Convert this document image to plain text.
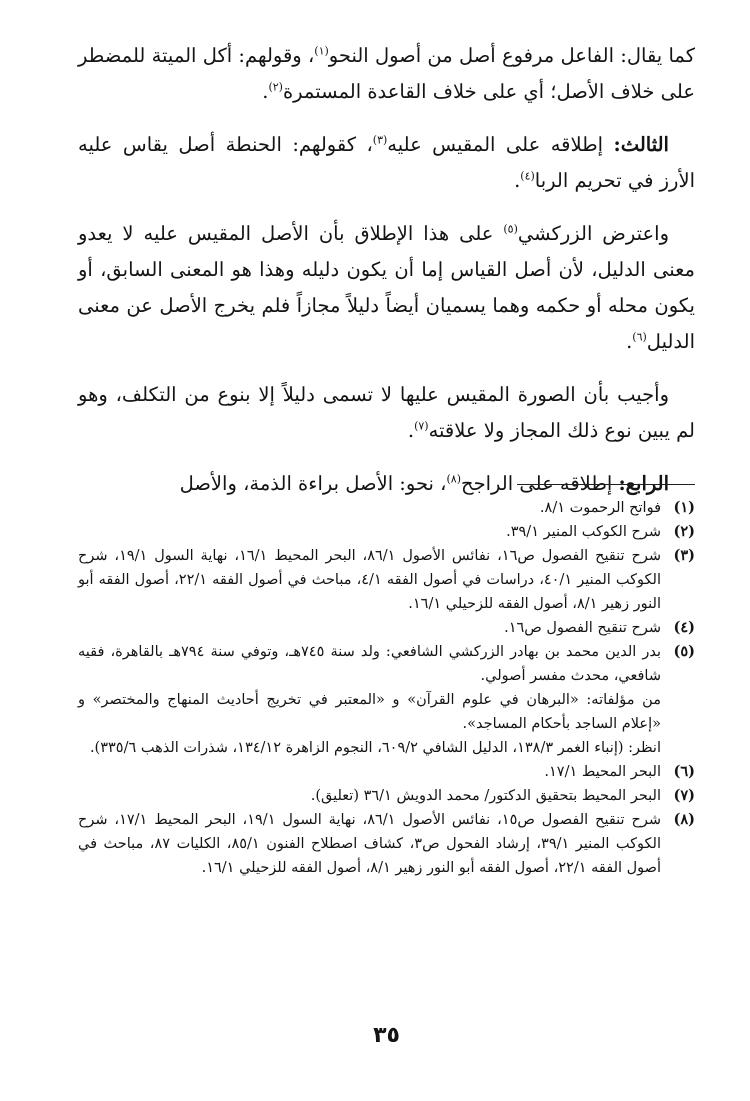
كما يقال: الفاعل مرفوع أصل من أصول النحو$^{(١)}$، وقولهم: أكل الميتة للمضطر على خلاف الأصل؛ أي على خلاف القاعدة المستمرة$^{(٢)}$.

الثالث: إطلاقه على المقيس عليه$^{(٣)}$، كقولهم: الحنطة أصل يقاس عليه الأرز في تحريم الربا$^{(٤)}$.

واعترض الزركشي$^{(٥)}$ على هذا الإطلاق بأن الأصل المقيس عليه لا يعدو معنى الدليل، لأن أصل القياس إما أن يكون دليله وهذا هو المعنى السابق، أو يكون محله أو حكمه وهما يسميان أيضاً دليلاً مجازاً فلم يخرج الأصل عن معنى الدليل$^{(٦)}$.

وأجيب بأن الصورة المقيس عليها لا تسمى دليلاً إلا بنوع من التكلف، وهو لم يبين نوع ذلك المجاز ولا علاقته$^{(٧)}$.

الرابع: إطلاقه على الراجح$^{(٨)}$، نحو: الأصل براءة الذمة، والأصل

(١)
فواتح الرحموت ٨/١.
(٢)
شرح الكوكب المنير ٣٩/١.
(٣)
شرح تنقيح الفصول ص١٦، نفائس الأصول ٨٦/١، البحر المحيط ١٦/١، نهاية السول ١٩/١، شرح الكوكب المنير ٤٠/١، دراسات في أصول الفقه ٤/١، مباحث في أصول الفقه ٢٢/١، أصول الفقه أبو النور زهير ٨/١، أصول الفقه للزحيلي ١٦/١.
(٤)
شرح تنقيح الفصول ص١٦.
(٥)
بدر الدين محمد بن بهادر الزركشي الشافعي: ولد سنة ٧٤٥هـ، وتوفي سنة ٧٩٤هـ بالقاهرة، فقيه شافعي، محدث مفسر أصولي.
من مؤلفاته: «البرهان في علوم القرآن» و «المعتبر في تخريج أحاديث المنهاج والمختصر» و «إعلام الساجد بأحكام المساجد».
انظر: (إنباء الغمر ١٣٨/٣، الدليل الشافي ٦٠٩/٢، النجوم الزاهرة ١٣٤/١٢، شذرات الذهب ٣٣٥/٦).
(٦)
البحر المحيط ١٧/١.
(٧)
البحر المحيط بتحقيق الدكتور/ محمد الدويش ٣٦/١ (تعليق).
(٨)
شرح تنقيح الفصول ص١٥، نفائس الأصول ٨٦/١، نهاية السول ١٩/١، البحر المحيط ١٧/١، شرح الكوكب المنير ٣٩/١، إرشاد الفحول ص٣، كشاف اصطلاح الفنون ٨٥/١، الكليات ٨٧، مباحث في أصول الفقه ٢٢/١، أصول الفقه أبو النور زهير ٨/١، أصول الفقه للزحيلي ١٦/١.
٣٥
